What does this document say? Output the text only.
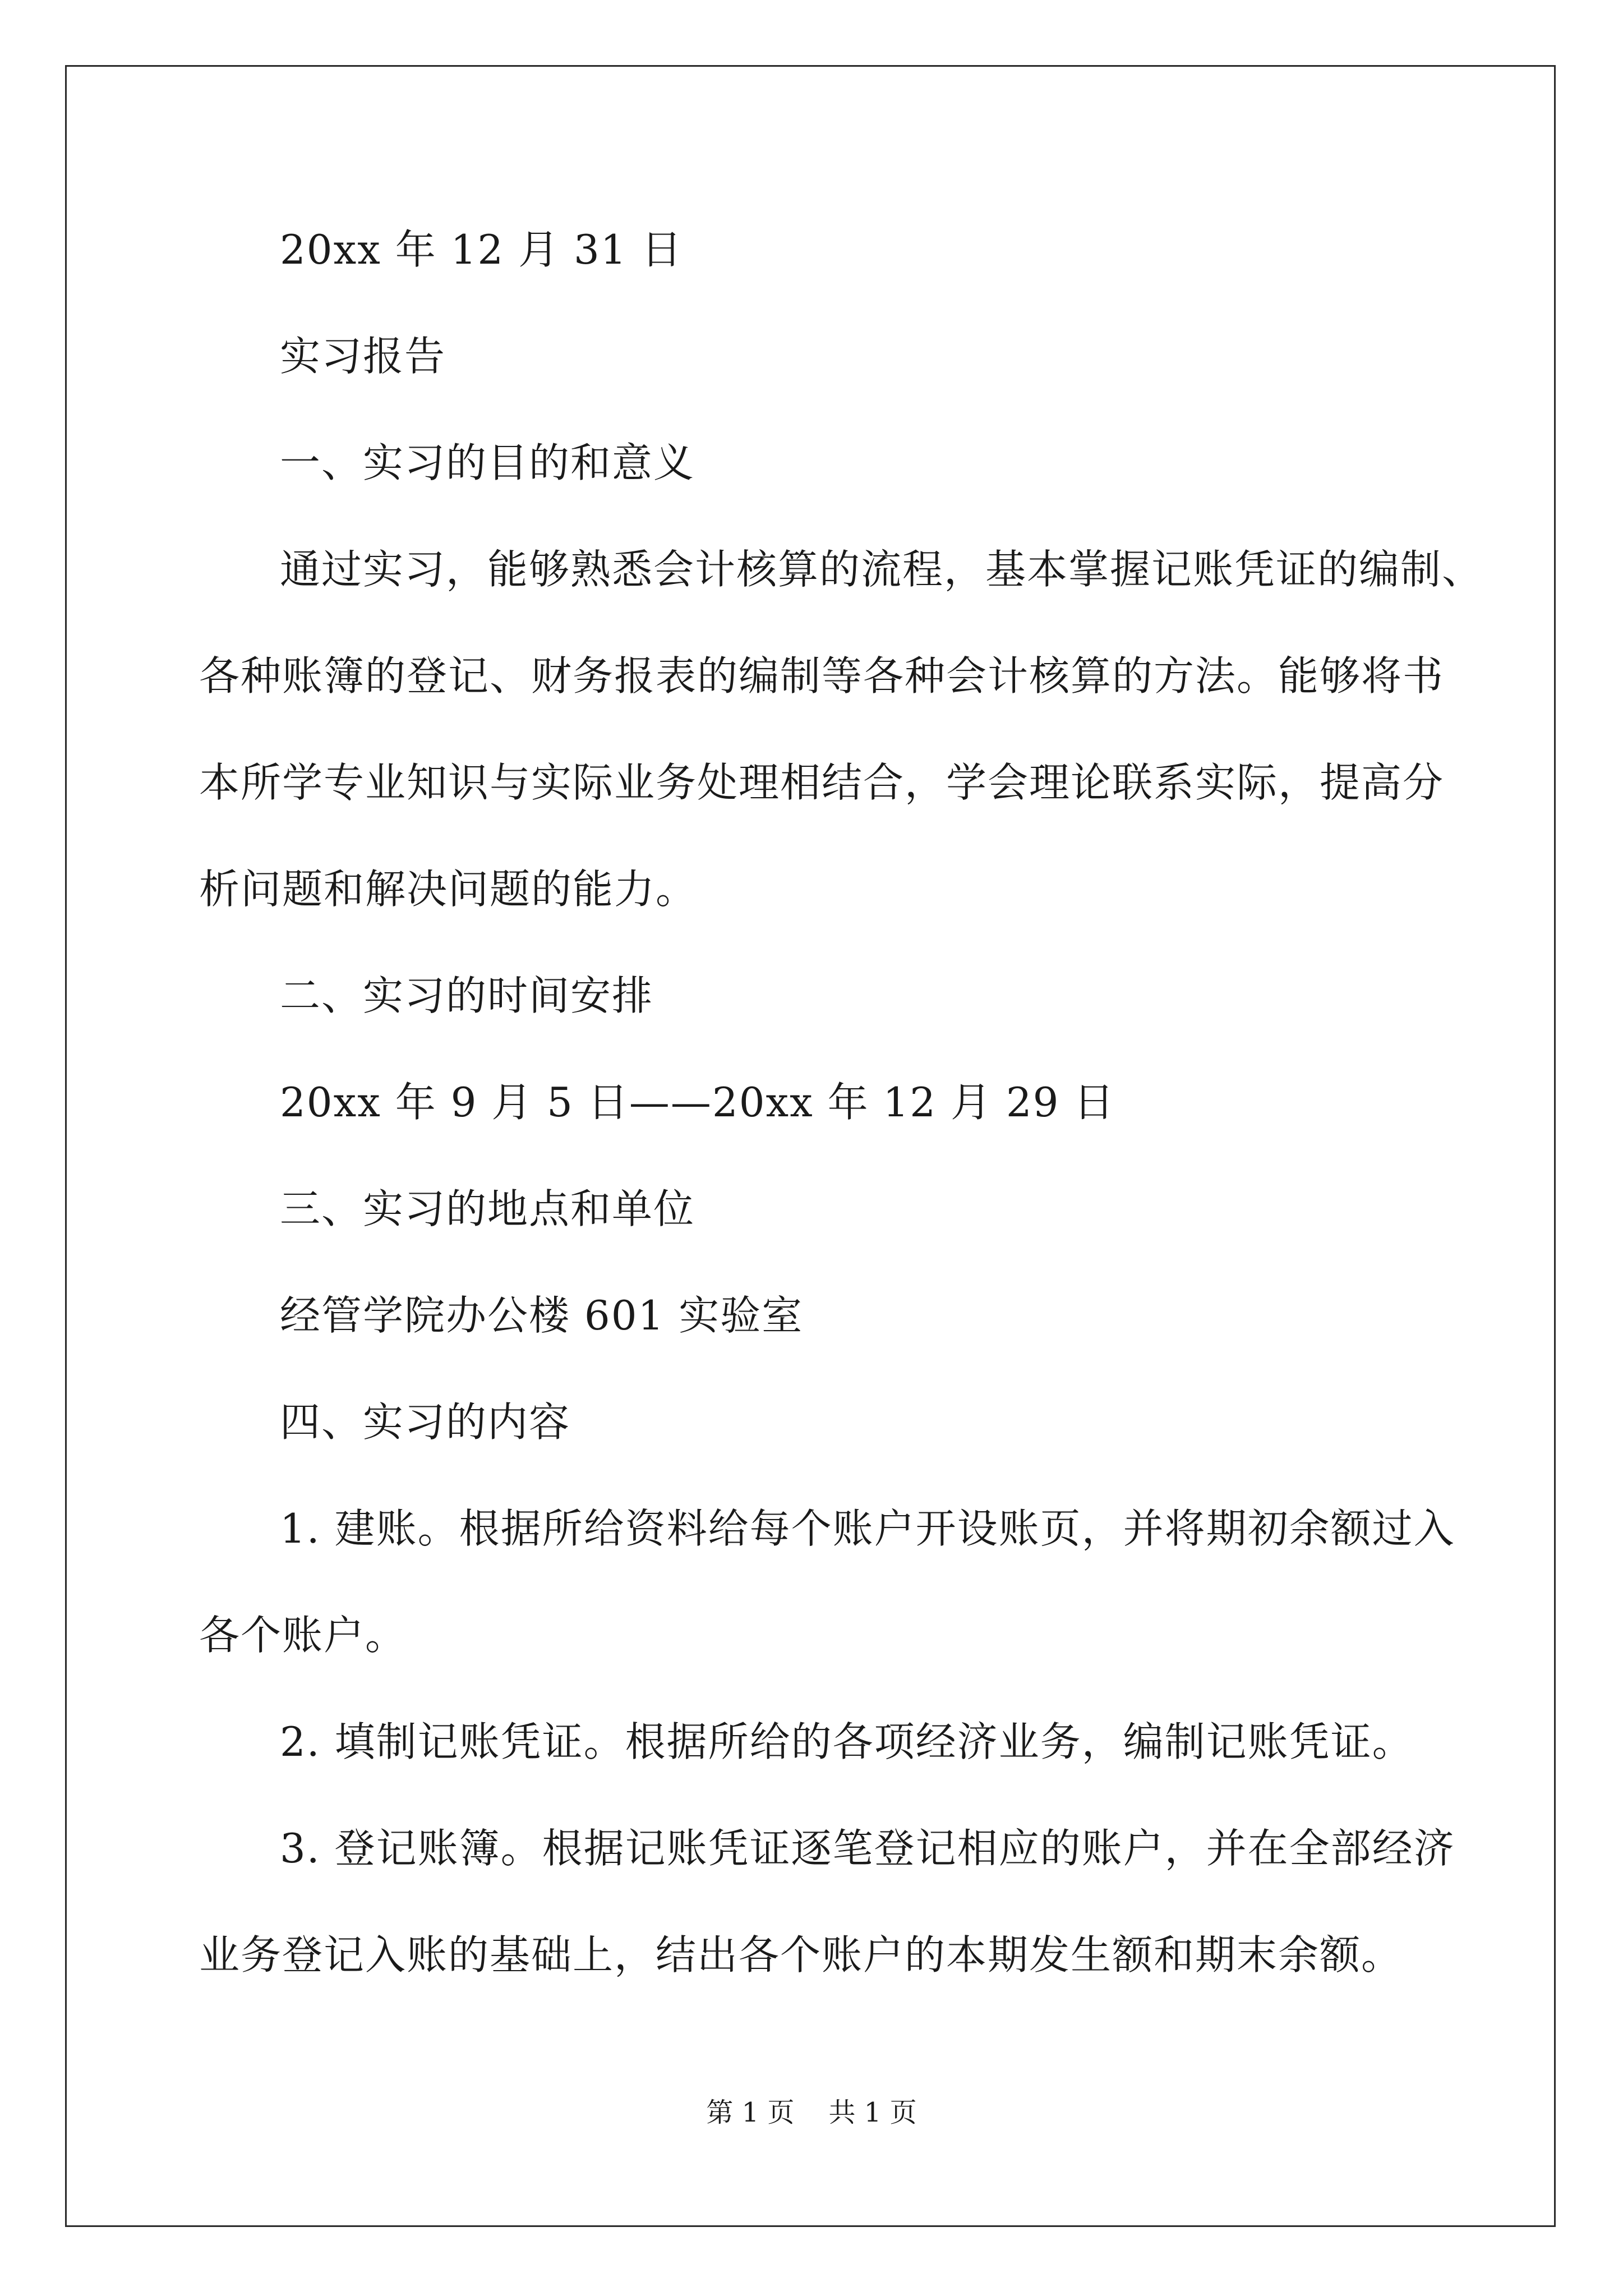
20xx 年 12 月 31 日
实习报告
一、实习的目的和意义
通过实习，能够熟悉会计核算的流程，基本掌握记账凭证的编制、
各种账簿的登记、财务报表的编制等各种会计核算的方法。能够将书
本所学专业知识与实际业务处理相结合，学会理论联系实际，提高分
析问题和解决问题的能力。
二、实习的时间安排
20xx 年 9 月 5 日——20xx 年 12 月 29 日
三、实习的地点和单位
经管学院办公楼 601 实验室
四、实习的内容
1. 建账。根据所给资料给每个账户开设账页，并将期初余额过入
各个账户。
2. 填制记账凭证。根据所给的各项经济业务，编制记账凭证。
3. 登记账簿。根据记账凭证逐笔登记相应的账户，并在全部经济
业务登记入账的基础上，结出各个账户的本期发生额和期末余额。
第 1 页    共 1 页
